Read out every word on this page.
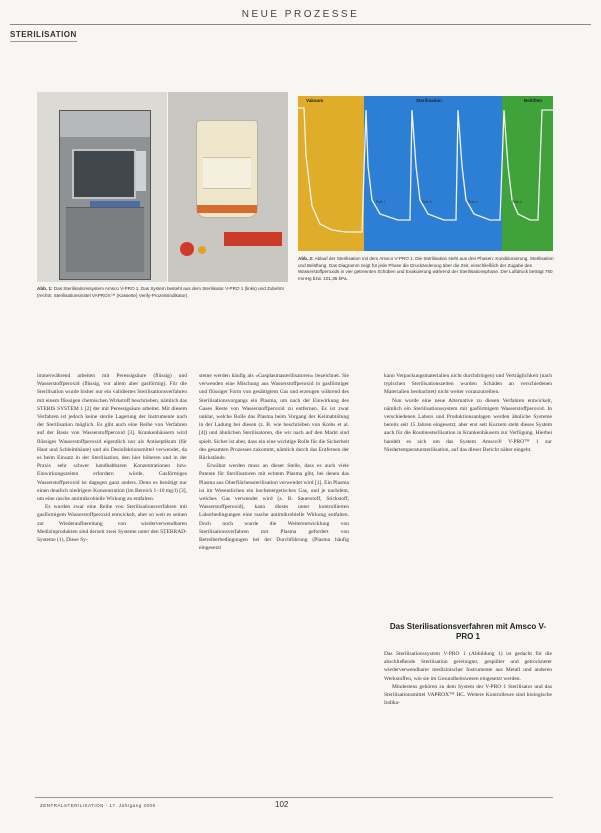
NEUE PROZESSE
STERILISATION
Vakuum	Sterilisation	Belüften
Puls 1	Puls 2	Puls 3	Puls 4
Abb. 1: Das Sterilisationssystem Amsco V-PRO 1. Das System besteht aus dem Sterilisator V-PRO 1 (links) und Zubehör (rechts: Sterilisationsmittel VAPROX™ (Kassette) Verify-Prozessindikator).
Abb. 2: Ablauf der Sterilisation mit dem Amsco V-PRO 1. Die Sterilisation steht aus drei Phasen: Konditionierung, Sterilisation und Belüftung. Das Diagramm zeigt für jede Phase die Druckänderung über die Zeit, einschließlich der Zugabe des Wasserstoffperoxids in vier getrennten Schüben und Evakuierung während der Sterilisationsphase. Der Luftdruck beträgt 760 mmHg bzw. 101,35 kPa.

immerwährend arbeiten mit Peressigsäure (flüssig) und Wasserstoffperoxid (flüssig, vor allem aber gasförmig). Für die Sterilisation wurde bisher nur ein validiertes Sterilisationsverfahren mit einem flüssigen chemischen Wirkstoff beschrieben, nämlich das STERIS SYSTEM 1 [2] der mit Peressigsäure arbeitet. Mit diesem Verfahren ist jedoch keine sterile Lagerung der Instrumente nach der Sterilisation möglich. Es gibt auch eine Reihe von Verfahren auf der Basis von Wasserstoffperoxid [3]. Krankenhäusern wird flüssiges Wasserstoffperoxid eigentlich nur als Antiseptikum (für Haut und Schleimhäute) und als Desinfektionsmittel verwendet, da es beim Einsatz in der Sterilisation, den hier höheren und in der Praxis sehr schwer handhabbaren Konzentrationen bzw. Einwirkungszeiten erfordern würde. Gasförmiges Wasserstoffperoxid ist dagegen ganz anders. Denn es benötigt nur einen deutlich niedrigere Konzentration (im Bereich 1–10 mg/l) [3], um eine rasche antimikrobielle Wirkung zu entfalten.

Es wurden zwar eine Reihe von Sterilisationsverfahren mit gasförmigem Wasserstoffperoxid entwickelt, aber so weit es seinen zur Wiederaufbereitung von wiederverwendbaren Medizinprodukten sind derzeit zwei Systeme unter den STERRAD-Systeme (1). Diese Sy-

steme werden häufig als »Gasplasmasterilisatoren« bezeichnet. Sie verwenden eine Mischung aus Wasserstoffperoxid in gasförmiger und flüssiger Form von gesättigtem Gas und erzeugen während des Sterilisationsvorgangs ein Plasma, um nach der Einwirkung des Gases Reste von Wasserstoffperoxid zu entfernen. Es ist zwar unklar, welche Rolle das Plasma beim Vorgang der Keimabtötung in der Ladung bei diesen (z. B. wie beschrieben von Krebs et al. [4]) und ähnlichen Sterilisatoren, die wir nach auf den Markt sind spielt. Sicher ist aber, dass ein eine wichtige Rolle für die Sicherheit des gesamten Prozesses zukommt, nämlich durch das Entfernen der Rückstände.

Erwähnt werden muss an dieser Stelle, dass es auch viele Patente für Sterilisatoren mit echtem Plasma gibt, bei denen das Plasma aus Oberflächensterilisation verwendet wird [1]. Ein Plasma ist im Wesentlichen ein hochenergetisches Gas, und je nachdem, welches Gas verwendet wird (z. B. Sauerstoff, Stickstoff, Wasserstoffperoxid), kann dieses unter kontrollierten Laborbedingungen eine rasche antimikrobielle Wirkung entfalten. Doch noch wurde die Weiterentwicklung von Sterilisationsverfahren mit Plasma gefordert von Betreiberbedingungen bei der Durchführung (Plasma häufig eingesetzt

kann Verpackungsmaterialien nicht durchdringen) und Verträglichkeit (nach typischen Sterilisationszeiten wurden Schäden an verschiedenen Materialien beobachtet) nicht weiter voranzutreiben.

Nun wurde eine neue Alternative zu diesen Verfahren entwickelt, nämlich ein Sterilisationssystem mit gasförmigem Wasserstoffperoxid. In verschiedenen Labors und Produktionsanlagen werden ähnliche Systeme bereits seit 15 Jahren eingesetzt, aber erst seit Kurzem steht dieses System auch für die Routinesterilisation in Krankenhäusern zur Verfügung. Hierbei handelt es sich um das System Amsco® V-PRO™ 1 zur Niedertemperatursterilisation, auf das dieser Bericht näher eingeht.

Das Sterilisationsverfahren mit Amsco V-PRO 1

Das Sterilisationssystem V-PRO 1 (Abbildung 1) ist gedacht für die abschließende Sterilisation gereinigter, gespülter und getrockneter wiederverwendbarer medizinischer Instrumente aus Metall und anderen Werkstoffen, wie sie im Gesundheitswesen eingesetzt werden.

Mindestens gehören zu dem System der V-PRO 1 Sterilisator und das Sterilisationsmittel VAPROX™ HC. Weitere Kontrolleure sind biologische Indika-

ZENTRALSTERILISATION · 17. Jahrgang 2009	102
